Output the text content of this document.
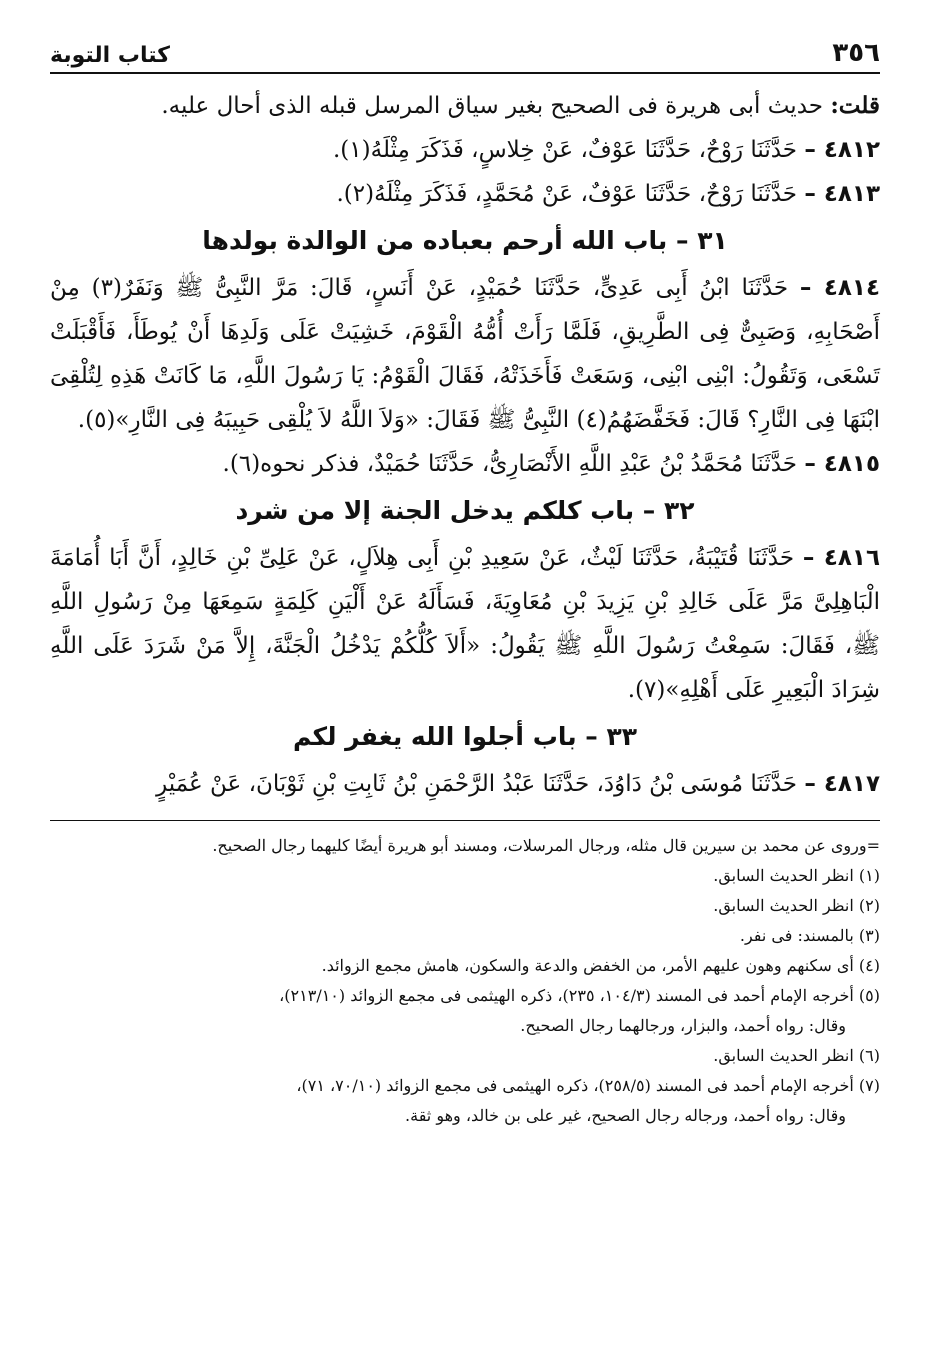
٣٥٦
كتاب التوبة

قلت: حديث أبى هريرة فى الصحيح بغير سياق المرسل قبله الذى أحال عليه.

٤٨١٢ – حَدَّثَنَا رَوْحٌ، حَدَّثَنَا عَوْفٌ، عَنْ خِلاسٍ، فَذَكَرَ مِثْلَهُ(١).

٤٨١٣ – حَدَّثَنَا رَوْحٌ، حَدَّثَنَا عَوْفٌ، عَنْ مُحَمَّدٍ، فَذَكَرَ مِثْلَهُ(٢).

٣١ – باب الله أرحم بعباده من الوالدة بولدها

٤٨١٤ – حَدَّثَنَا ابْنُ أَبِى عَدِىٍّ، حَدَّثَنَا حُمَيْدٍ، عَنْ أَنَسٍ، قَالَ: مَرَّ النَّبِىُّ ﷺ وَنَفَرٌ(٣) مِنْ أَصْحَابِهِ، وَصَبِىٌّ فِى الطَّرِيقِ، فَلَمَّا رَأَتْ أُمُّهُ الْقَوْمَ، خَشِيَتْ عَلَى وَلَدِهَا أَنْ يُوطَأَ، فَأَقْبَلَتْ تَسْعَى، وَتَقُولُ: ابْنِى ابْنِى، وَسَعَتْ فَأَخَذَتْهُ، فَقَالَ الْقَوْمُ: يَا رَسُولَ اللَّهِ، مَا كَانَتْ هَذِهِ لِتُلْقِىَ ابْنَهَا فِى النَّارِ؟ قَالَ: فَخَفَّضَهُمُ(٤) النَّبِىُّ ﷺ فَقَالَ: «وَلاَ اللَّهُ لاَ يُلْقِى حَبِيبَهُ فِى النَّارِ»(٥).

٤٨١٥ – حَدَّثَنَا مُحَمَّدُ بْنُ عَبْدِ اللَّهِ الأَنْصَارِىُّ، حَدَّثَنَا حُمَيْدٌ، فذكر نحوه(٦).

٣٢ – باب كلكم يدخل الجنة إلا من شرد

٤٨١٦ – حَدَّثَنَا قُتَيْبَةُ، حَدَّثَنَا لَيْثٌ، عَنْ سَعِيدِ بْنِ أَبِى هِلاَلٍ، عَنْ عَلِىِّ بْنِ خَالِدٍ، أَنَّ أَبَا أُمَامَةَ الْبَاهِلِىَّ مَرَّ عَلَى خَالِدِ بْنِ يَزِيدَ بْنِ مُعَاوِيَةَ، فَسَأَلَهُ عَنْ أَلْيَنِ كَلِمَةٍ سَمِعَهَا مِنْ رَسُولِ اللَّهِ ﷺ، فَقَالَ: سَمِعْتُ رَسُولَ اللَّهِ ﷺ يَقُولُ: «أَلاَ كُلُّكُمْ يَدْخُلُ الْجَنَّةَ، إِلاَّ مَنْ شَرَدَ عَلَى اللَّهِ شِرَادَ الْبَعِيرِ عَلَى أَهْلِهِ»(٧).

٣٣ – باب أجلوا الله يغفر لكم

٤٨١٧ – حَدَّثَنَا مُوسَى بْنُ دَاوُدَ، حَدَّثَنَا عَبْدُ الرَّحْمَنِ بْنُ ثَابِتِ بْنِ ثَوْبَانَ، عَنْ عُمَيْرٍ

=وروى عن محمد بن سيرين قال مثله، ورجال المرسلات، ومسند أبو هريرة أيضًا كليهما رجال الصحيح.

(١) انظر الحديث السابق.

(٢) انظر الحديث السابق.

(٣) بالمسند: فى نفر.

(٤) أى سكنهم وهون عليهم الأمر، من الخفض والدعة والسكون، هامش مجمع الزوائد.

(٥) أخرجه الإمام أحمد فى المسند (١٠٤/٣، ٢٣٥)، ذكره الهيثمى فى مجمع الزوائد (٢١٣/١٠)،

وقال: رواه أحمد، والبزار، ورجالهما رجال الصحيح.

(٦) انظر الحديث السابق.

(٧) أخرجه الإمام أحمد فى المسند (٢٥٨/٥)، ذكره الهيثمى فى مجمع الزوائد (٧٠/١٠، ٧١)،

وقال: رواه أحمد، ورجاله رجال الصحيح، غير على بن خالد، وهو ثقة.
